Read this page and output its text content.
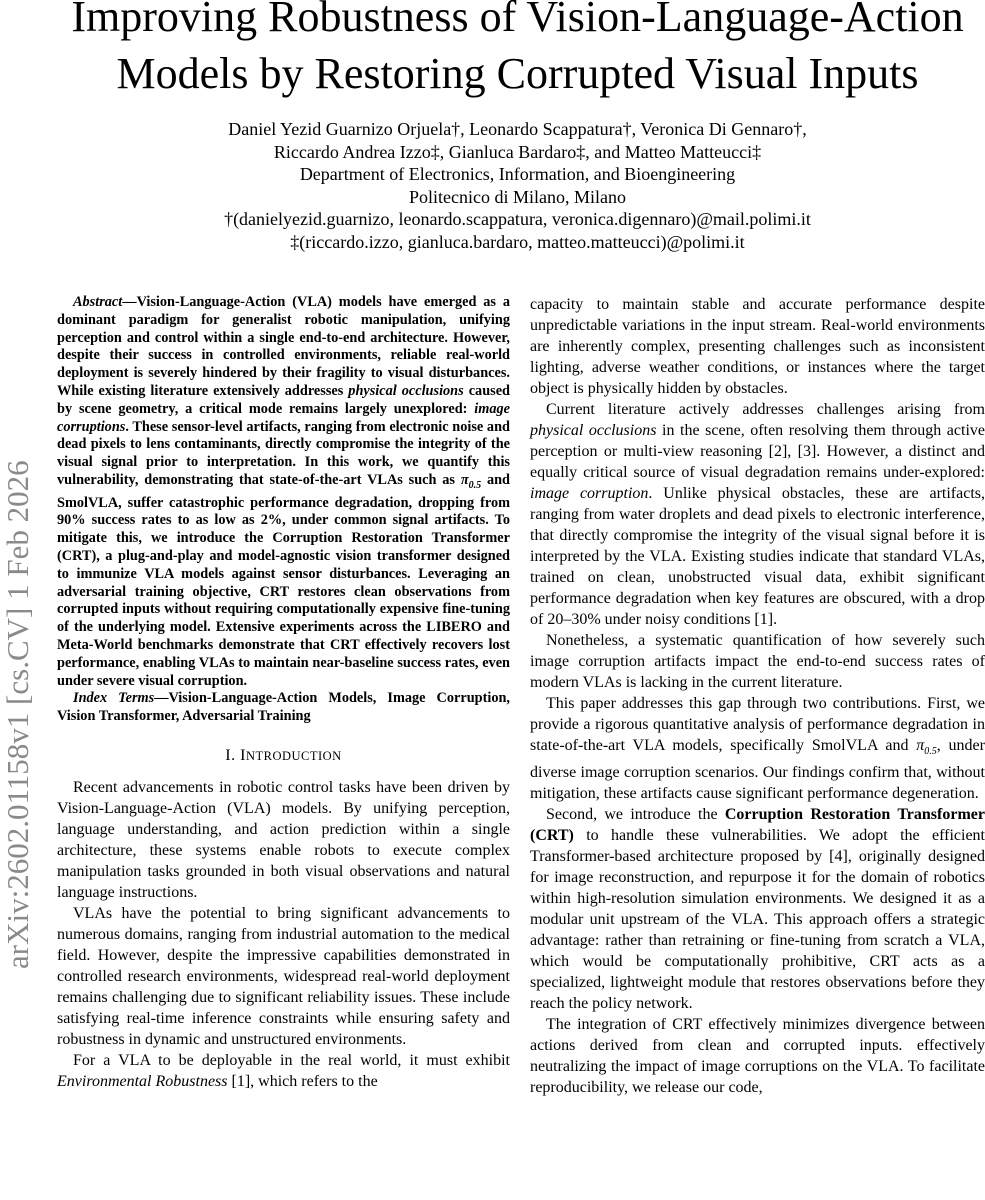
arXiv:2602.01158v1 [cs.CV] 1 Feb 2026
Improving Robustness of Vision-Language-Action
Models by Restoring Corrupted Visual Inputs
Daniel Yezid Guarnizo Orjuela†, Leonardo Scappatura†, Veronica Di Gennaro†,
Riccardo Andrea Izzo‡, Gianluca Bardaro‡, and Matteo Matteucci‡
Department of Electronics, Information, and Bioengineering
Politecnico di Milano, Milano
†(danielyezid.guarnizo, leonardo.scappatura, veronica.digennaro)@mail.polimi.it
‡(riccardo.izzo, gianluca.bardaro, matteo.matteucci)@polimi.it

Abstract—Vision-Language-Action (VLA) models have emerged as a dominant paradigm for generalist robotic manipulation, unifying perception and control within a single end-to-end architecture. However, despite their success in controlled environments, reliable real-world deployment is severely hindered by their fragility to visual disturbances. While existing literature extensively addresses physical occlusions caused by scene geometry, a critical mode remains largely unexplored: image corruptions. These sensor-level artifacts, ranging from electronic noise and dead pixels to lens contaminants, directly compromise the integrity of the visual signal prior to interpretation. In this work, we quantify this vulnerability, demonstrating that state-of-the-art VLAs such as $\pi_{0.5}$ and SmolVLA, suffer catastrophic performance degradation, dropping from 90% success rates to as low as 2%, under common signal artifacts. To mitigate this, we introduce the Corruption Restoration Transformer (CRT), a plug-and-play and model-agnostic vision transformer designed to immunize VLA models against sensor disturbances. Leveraging an adversarial training objective, CRT restores clean observations from corrupted inputs without requiring computationally expensive fine-tuning of the underlying model. Extensive experiments across the LIBERO and Meta-World benchmarks demonstrate that CRT effectively recovers lost performance, enabling VLAs to maintain near-baseline success rates, even under severe visual corruption.

Index Terms—Vision-Language-Action Models, Image Corruption, Vision Transformer, Adversarial Training

I. INTRODUCTION

Recent advancements in robotic control tasks have been driven by Vision-Language-Action (VLA) models. By unifying perception, language understanding, and action prediction within a single architecture, these systems enable robots to execute complex manipulation tasks grounded in both visual observations and natural language instructions.

VLAs have the potential to bring significant advancements to numerous domains, ranging from industrial automation to the medical field. However, despite the impressive capabilities demonstrated in controlled research environments, widespread real-world deployment remains challenging due to significant reliability issues. These include satisfying real-time inference constraints while ensuring safety and robustness in dynamic and unstructured environments.

For a VLA to be deployable in the real world, it must exhibit Environmental Robustness [1], which refers to the

capacity to maintain stable and accurate performance despite unpredictable variations in the input stream. Real-world environments are inherently complex, presenting challenges such as inconsistent lighting, adverse weather conditions, or instances where the target object is physically hidden by obstacles.

Current literature actively addresses challenges arising from physical occlusions in the scene, often resolving them through active perception or multi-view reasoning [2], [3]. However, a distinct and equally critical source of visual degradation remains under-explored: image corruption. Unlike physical obstacles, these are artifacts, ranging from water droplets and dead pixels to electronic interference, that directly compromise the integrity of the visual signal before it is interpreted by the VLA. Existing studies indicate that standard VLAs, trained on clean, unobstructed visual data, exhibit significant performance degradation when key features are obscured, with a drop of 20–30% under noisy conditions [1].

Nonetheless, a systematic quantification of how severely such image corruption artifacts impact the end-to-end success rates of modern VLAs is lacking in the current literature.

This paper addresses this gap through two contributions. First, we provide a rigorous quantitative analysis of performance degradation in state-of-the-art VLA models, specifically SmolVLA and $\pi_{0.5}$, under diverse image corruption scenarios. Our findings confirm that, without mitigation, these artifacts cause significant performance degeneration.

Second, we introduce the Corruption Restoration Transformer (CRT) to handle these vulnerabilities. We adopt the efficient Transformer-based architecture proposed by [4], originally designed for image reconstruction, and repurpose it for the domain of robotics within high-resolution simulation environments. We designed it as a modular unit upstream of the VLA. This approach offers a strategic advantage: rather than retraining or fine-tuning from scratch a VLA, which would be computationally prohibitive, CRT acts as a specialized, lightweight module that restores observations before they reach the policy network.

The integration of CRT effectively minimizes divergence between actions derived from clean and corrupted inputs. effectively neutralizing the impact of image corruptions on the VLA. To facilitate reproducibility, we release our code,
